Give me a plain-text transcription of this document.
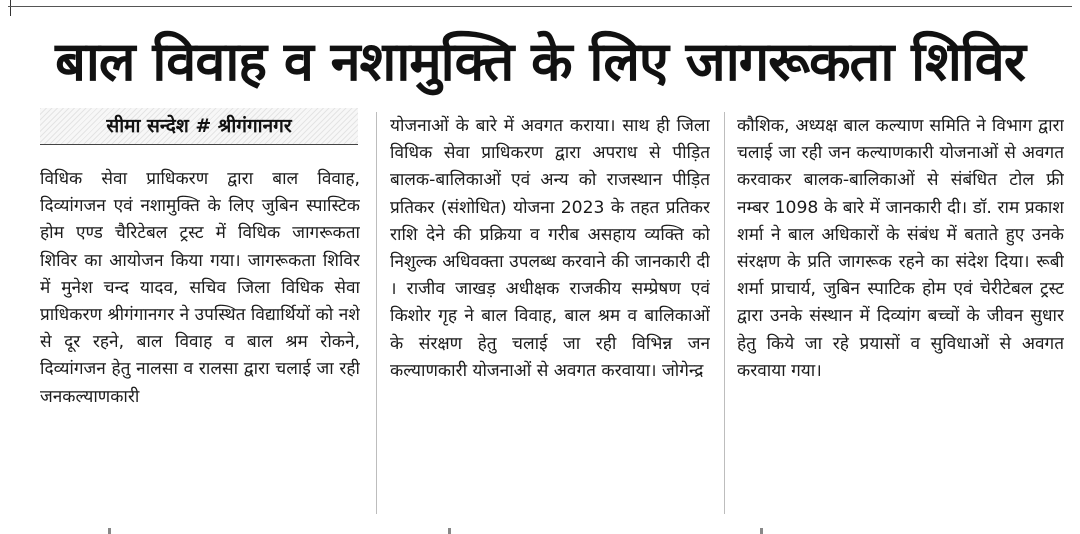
बाल विवाह व नशामुक्ति के लिए जागरूकता शिविर
सीमा सन्देश # श्रीगंगानगर

विधिक सेवा प्राधिकरण द्वारा बाल विवाह, दिव्यांगजन एवं नशामुक्ति के लिए जुबिन स्पास्टिक होम एण्ड चैरिटेबल ट्रस्ट में विधिक जागरूकता शिविर का आयोजन किया गया। जागरूकता शिविर में मुनेश चन्द यादव, सचिव जिला विधिक सेवा प्राधिकरण श्रीगंगानगर ने उपस्थित विद्यार्थियों को नशे से दूर रहने, बाल विवाह व बाल श्रम रोकने, दिव्यांगजन हेतु नालसा व रालसा द्वारा चलाई जा रही जनकल्याणकारी

योजनाओं के बारे में अवगत कराया। साथ ही जिला विधिक सेवा प्राधिकरण द्वारा अपराध से पीड़ित बालक-बालिकाओं एवं अन्य को राजस्थान पीड़ित प्रतिकर (संशोधित) योजना 2023 के तहत प्रतिकर राशि देने की प्रक्रिया व गरीब असहाय व्यक्ति को निशुल्क अधिवक्ता उपलब्ध करवाने की जानकारी दी । राजीव जाखड़ अधीक्षक राजकीय सम्प्रेषण एवं किशोर गृह ने बाल विवाह, बाल श्रम व बालिकाओं के संरक्षण हेतु चलाई जा रही विभिन्न जन कल्याणकारी योजनाओं से अवगत करवाया। जोगेन्द्र

कौशिक, अध्यक्ष बाल कल्याण समिति ने विभाग द्वारा चलाई जा रही जन कल्याणकारी योजनाओं से अवगत करवाकर बालक-बालिकाओं से संबंधित टोल फ्री नम्बर 1098 के बारे में जानकारी दी। डॉ. राम प्रकाश शर्मा ने बाल अधिकारों के संबंध में बताते हुए उनके संरक्षण के प्रति जागरूक रहने का संदेश दिया। रूबी शर्मा प्राचार्य, जुबिन स्पाटिक होम एवं चेरीटेबल ट्रस्ट द्वारा उनके संस्थान में दिव्यांग बच्चों के जीवन सुधार हेतु किये जा रहे प्रयासों व सुविधाओं से अवगत करवाया गया।
